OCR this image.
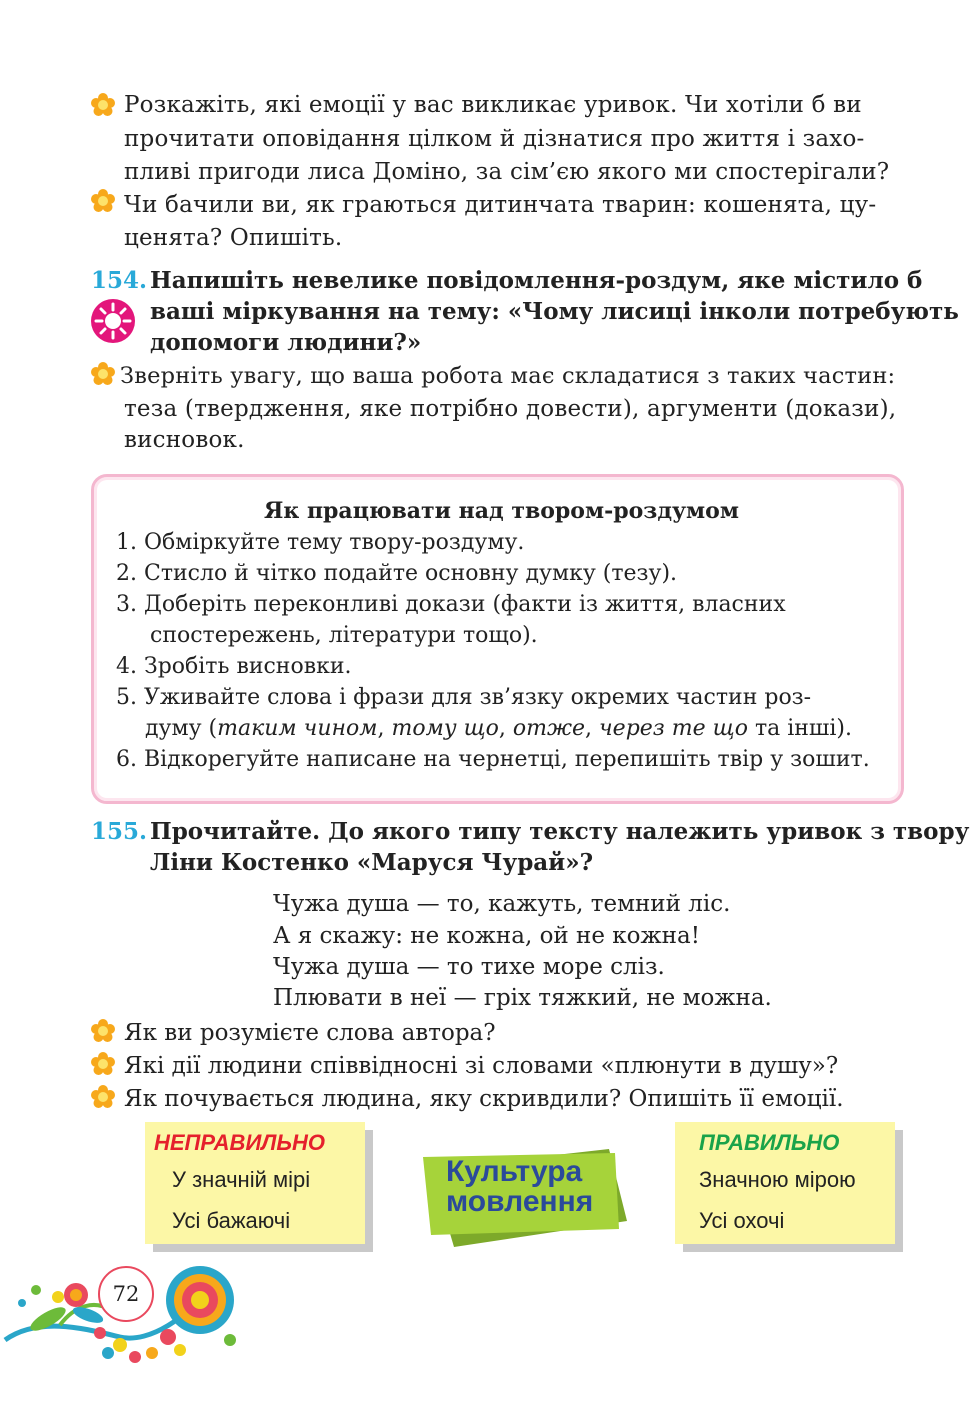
Розкажіть, які емоції у вас викликає уривок. Чи хотіли б ви
прочитати оповідання цілком й дізнатися про життя і захо-
пливі пригоди лиса Доміно, за сім’єю якого ми спостерігали?
Чи бачили ви, як граються дитинчата тварин: кошенята, цу-
ценята? Опишіть.
154. Напишіть невелике повідомлення-роздум, яке містило б
ваші міркування на тему: «Чому лисиці інколи потребують
допомоги людини?»
Зверніть увагу, що ваша робота має складатися з таких частин:
теза (твердження, яке потрібно довести), аргументи (докази),
висновок.
Як працювати над твором-роздумом
1. Обміркуйте тему твору-роздуму.
2. Стисло й чітко подайте основну думку (тезу).
3. Доберіть переконливі докази (факти із життя, власних
спостережень, літератури тощо).
4. Зробіть висновки.
5. Уживайте слова і фрази для зв’язку окремих частин роз-
думу (таким чином, тому що, отже, через те що та інші).
6. Відкорегуйте написане на чернетці, перепишіть твір у зошит.
155. Прочитайте. До якого типу тексту належить уривок з твору
Ліни Костенко «Маруся Чурай»?
Чужа душа — то, кажуть, темний ліс.
А я скажу: не кожна, ой не кожна!
Чужа душа — то тихе море сліз.
Плювати в неї — гріх тяжкий, не можна.
Як ви розумієте слова автора?
Які дії людини співвідносні зі словами «плюнути в душу»?
Як почувається людина, яку скривдили? Опишіть її емоції.
НЕПРАВИЛЬНО
У значній мірі
Усі бажаючі
Культура
мовлення
ПРАВИЛЬНО
Значною мірою
Усі охочі
72
